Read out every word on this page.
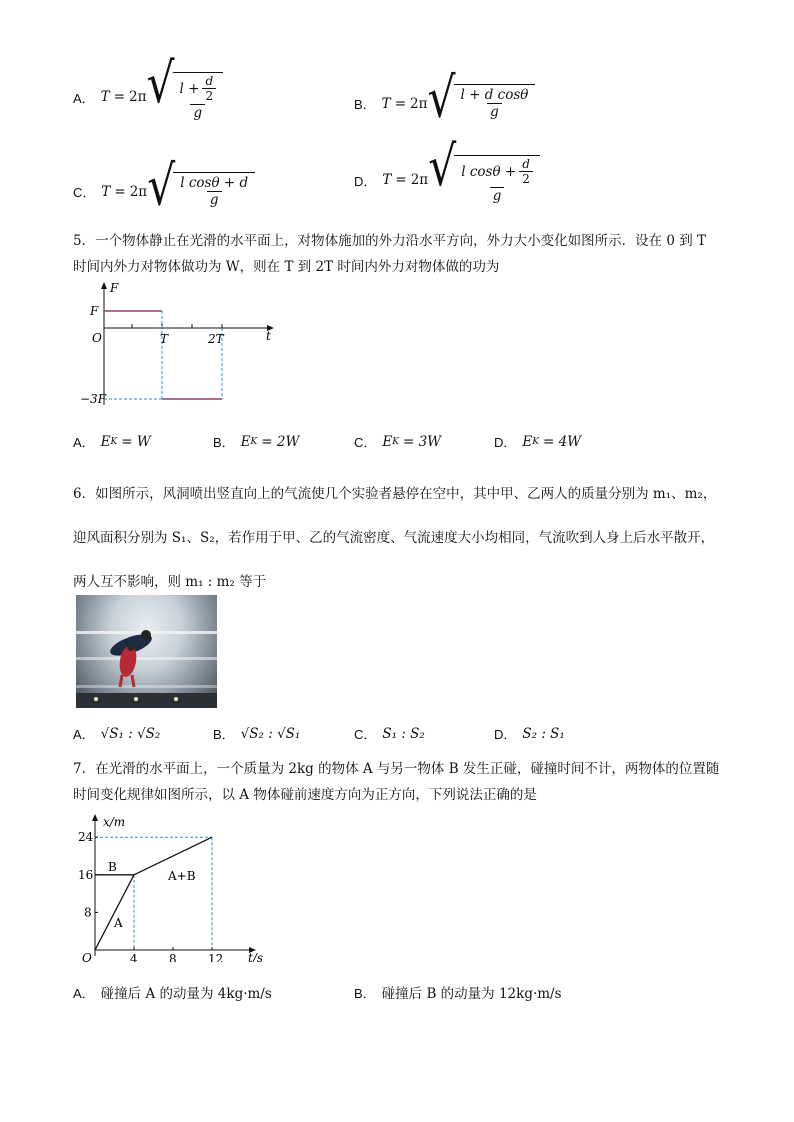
A． T = 2π √ $\frac{l + \frac{d}{2}}{g}$	B． T = 2π √ $\frac{\text{l + d cosθ}}{g}$
C． T = 2π √ $\frac{\text{l cosθ + d}}{g}$	D． T = 2π √ $\frac{l \cos\theta + \frac{d}{2}}{g}$
5．一个物体静止在光滑的水平面上，对物体施加的外力沿水平方向，外力大小变化如图所示．设在 0 到 T
时间内外力对物体做功为 W，则在 T 到 2T 时间内外力对物体做的功为
F
t
O
F
−3F
T	2T
A． E K = W	B． E K = 2W	C． E K = 3W	D． E K = 4W
6．如图所示，风洞喷出竖直向上的气流使几个实验者悬停在空中，其中甲、乙两人的质量分别为 m₁、m₂，
迎风面积分别为 S₁、S₂，若作用于甲、乙的气流密度、气流速度大小均相同，气流吹到人身上后水平散开，
两人互不影响，则 m₁ : m₂ 等于
A． √S₁ : √S₂	B． √S₂ : √S₁	C． S₁ : S₂	D． S₂ : S₁
7．在光滑的水平面上，一个质量为 2kg 的物体 A 与另一物体 B 发生正碰，碰撞时间不计，两物体的位置随
时间变化规律如图所示，以 A 物体碰前速度方向为正方向，下列说法正确的是
4	8	12
8
16
24
x/m
t/s
O
B
A
A+B
A． 碰撞后 A 的动量为 4kg·m/s	B． 碰撞后 B 的动量为 12kg·m/s
